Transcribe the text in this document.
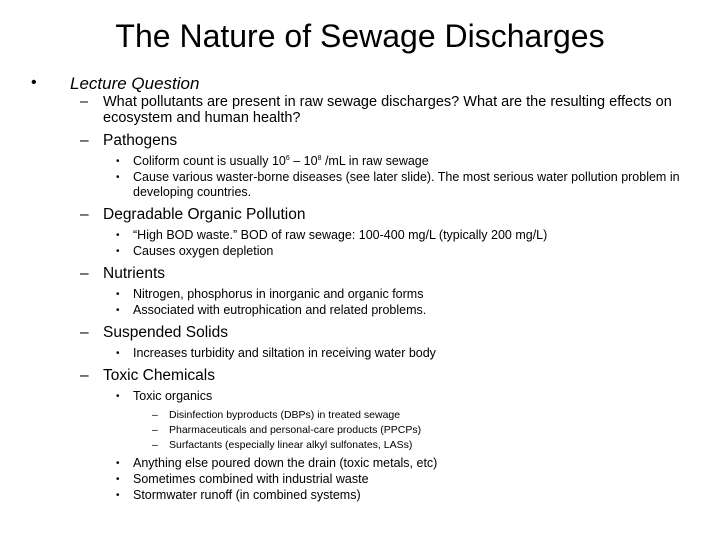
The Nature of Sewage Discharges
• Lecture Question
– What pollutants are present in raw sewage discharges? What are the resulting effects on ecosystem and human health?
– Pathogens
• Coliform count is usually $10^6 - 10^8$ /mL in raw sewage
• Cause various waster-borne diseases (see later slide). The most serious water pollution problem in developing countries.
– Degradable Organic Pollution
• “High BOD waste.” BOD of raw sewage: 100-400 mg/L (typically 200 mg/L)
• Causes oxygen depletion
– Nutrients
• Nitrogen, phosphorus in inorganic and organic forms
• Associated with eutrophication and related problems.
– Suspended Solids
• Increases turbidity and siltation in receiving water body
– Toxic Chemicals
• Toxic organics
– Disinfection byproducts (DBPs) in treated sewage
– Pharmaceuticals and personal-care products (PPCPs)
– Surfactants (especially linear alkyl sulfonates, LASs)
• Anything else poured down the drain (toxic metals, etc)
• Sometimes combined with industrial waste
• Stormwater runoff (in combined systems)
